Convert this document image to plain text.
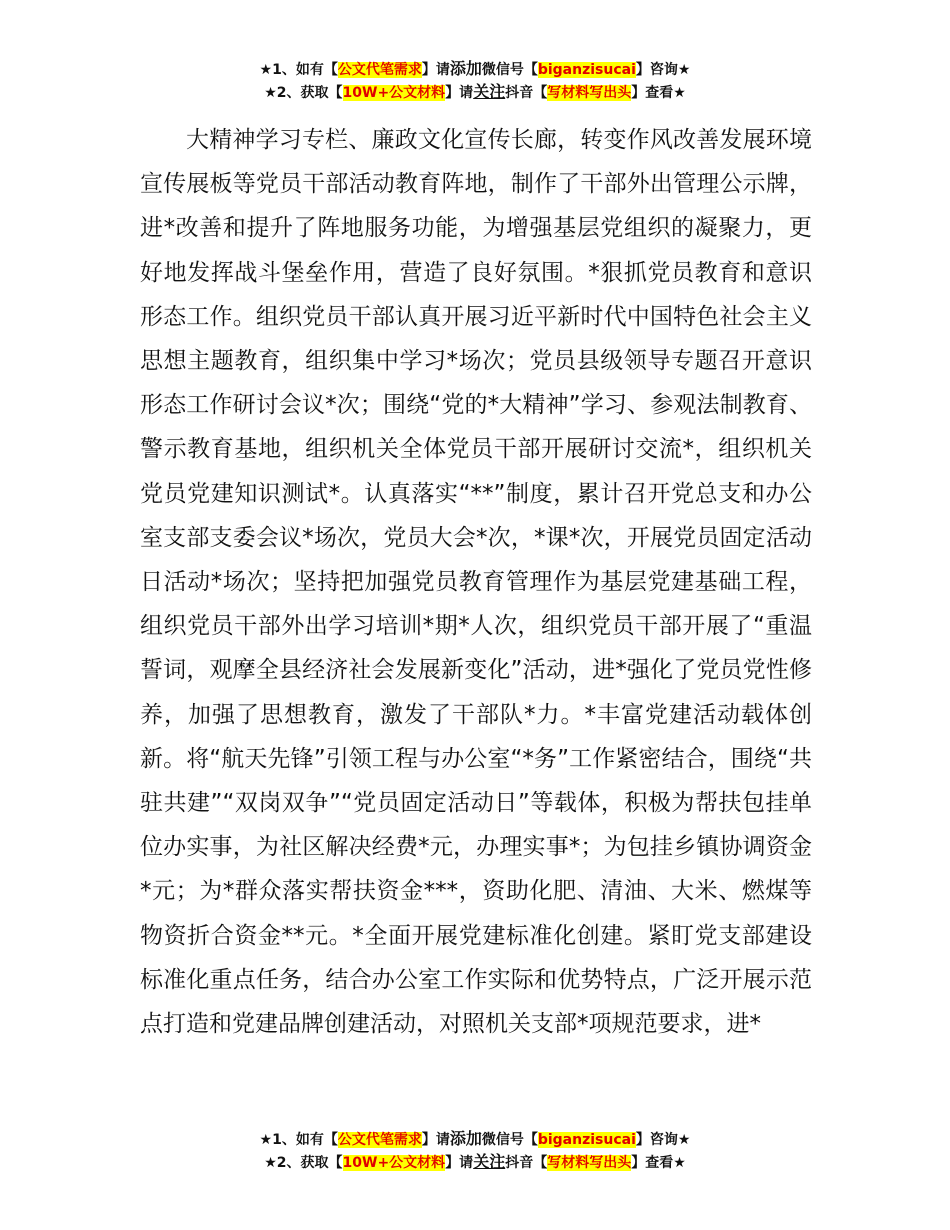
★1、如有【公文代笔需求】请添加微信号【biganzisucai】咨询★
★2、获取【10W+公文材料】请关注抖音【写材料写出头】查看★

大精神学习专栏、廉政文化宣传长廊，转变作风改善发展环境宣传展板等党员干部活动教育阵地，制作了干部外出管理公示牌，进*改善和提升了阵地服务功能，为增强基层党组织的凝聚力，更好地发挥战斗堡垒作用，营造了良好氛围。*狠抓党员教育和意识形态工作。组织党员干部认真开展习近平新时代中国特色社会主义思想主题教育，组织集中学习*场次；党员县级领导专题召开意识形态工作研讨会议*次；围绕“党的*大精神”学习、参观法制教育、警示教育基地，组织机关全体党员干部开展研讨交流*，组织机关党员党建知识测试*。认真落实“**”制度，累计召开党总支和办公室支部支委会议*场次，党员大会*次，*课*次，开展党员固定活动日活动*场次；坚持把加强党员教育管理作为基层党建基础工程，组织党员干部外出学习培训*期*人次，组织党员干部开展了“重温誓词，观摩全县经济社会发展新变化”活动，进*强化了党员党性修养，加强了思想教育，激发了干部队*力。*丰富党建活动载体创新。将“航天先锋”引领工程与办公室“*务”工作紧密结合，围绕“共驻共建”“双岗双争”“党员固定活动日”等载体，积极为帮扶包挂单位办实事，为社区解决经费*元，办理实事*；为包挂乡镇协调资金*元；为*群众落实帮扶资金***，资助化肥、清油、大米、燃煤等物资折合资金**元。*全面开展党建标准化创建。紧盯党支部建设标准化重点任务，结合办公室工作实际和优势特点，广泛开展示范点打造和党建品牌创建活动，对照机关支部*项规范要求，进*

★1、如有【公文代笔需求】请添加微信号【biganzisucai】咨询★
★2、获取【10W+公文材料】请关注抖音【写材料写出头】查看★
